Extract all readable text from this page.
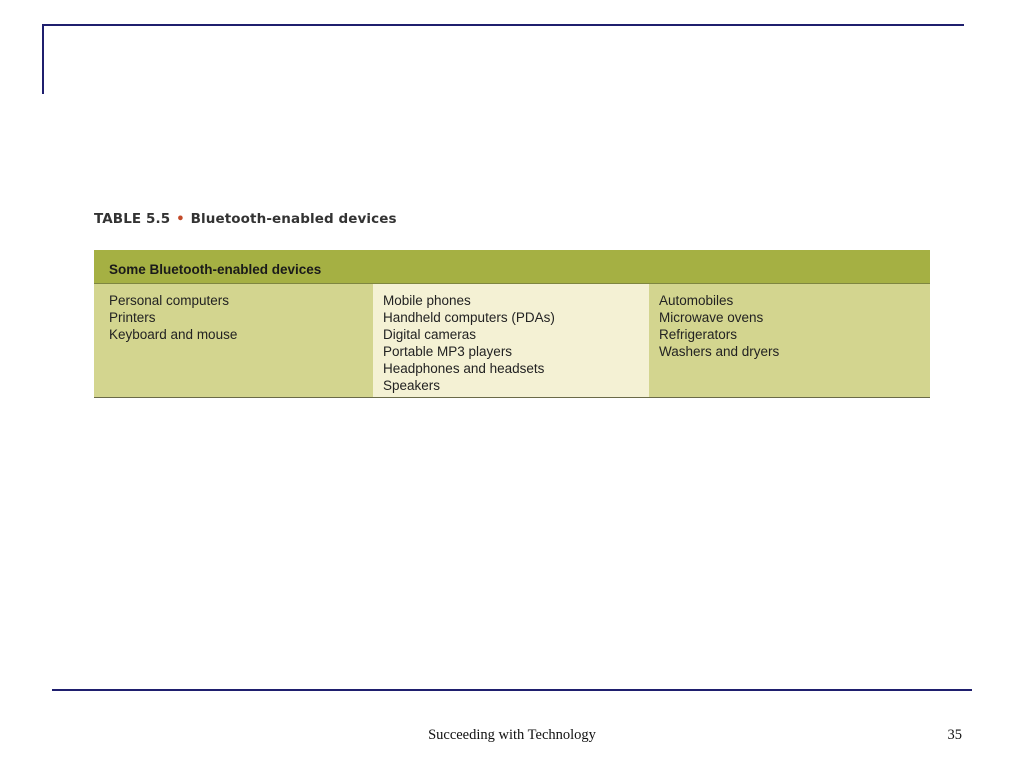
TABLE 5.5 • Bluetooth-enabled devices
Some Bluetooth-enabled devices
Personal computers
Printers
Keyboard and mouse
Mobile phones
Handheld computers (PDAs)
Digital cameras
Portable MP3 players
Headphones and headsets
Speakers
Automobiles
Microwave ovens
Refrigerators
Washers and dryers
Succeeding with Technology	35
